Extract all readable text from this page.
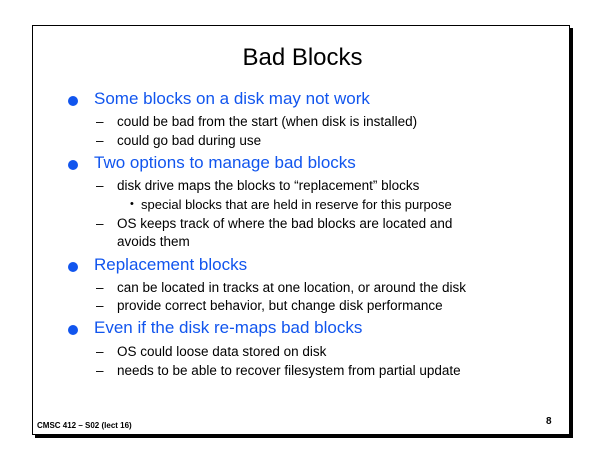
Bad Blocks
Some blocks on a disk may not work
– could be bad from the start (when disk is installed)
– could go bad during use
Two options to manage bad blocks
– disk drive maps the blocks to “replacement” blocks
• special blocks that are held in reserve for this purpose
– OS keeps track of where the bad blocks are located and
avoids them
Replacement blocks
– can be located in tracks at one location, or around the disk
– provide correct behavior, but change disk performance
Even if the disk re-maps bad blocks
– OS could loose data stored on disk
– needs to be able to recover filesystem from partial update
CMSC 412 – S02 (lect 16)	8
